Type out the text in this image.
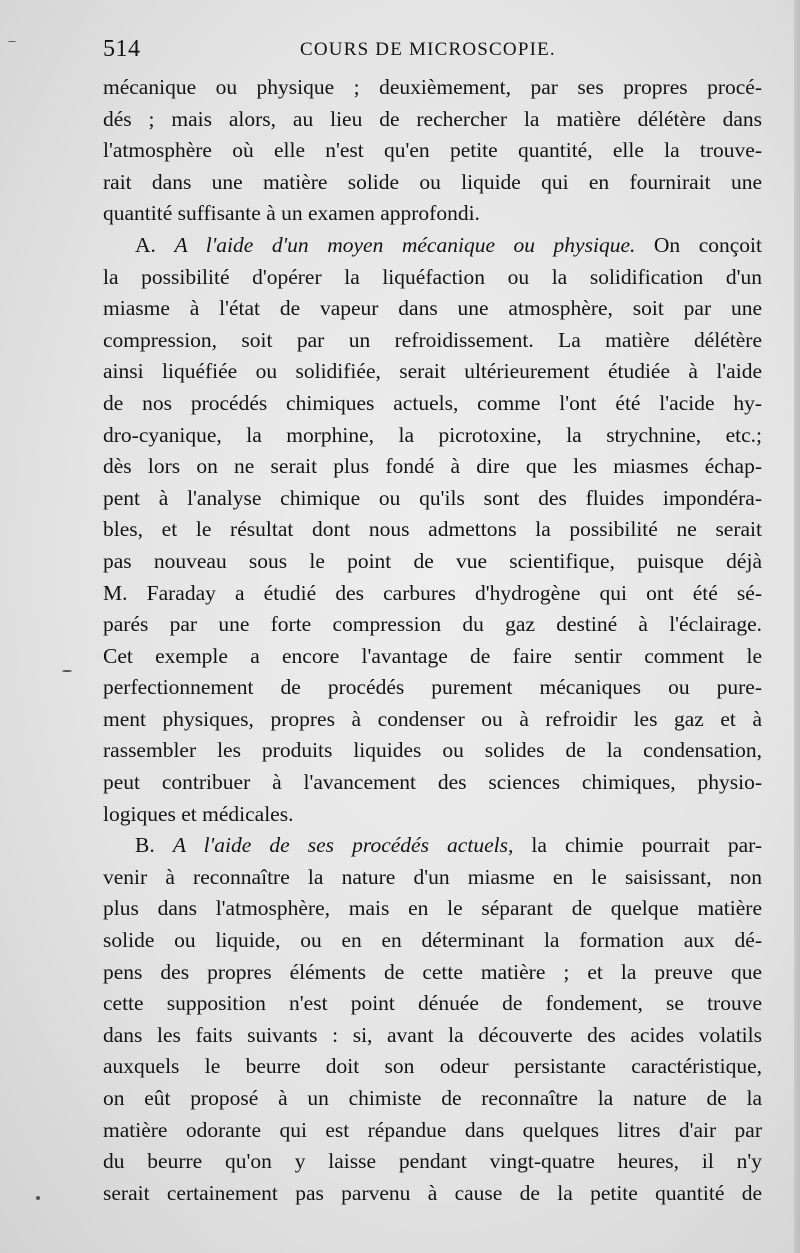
514	COURS DE MICROSCOPIE.
mécanique ou physique ; deuxièmement, par ses propres procé-
dés ; mais alors, au lieu de rechercher la matière délétère dans
l'atmosphère où elle n'est qu'en petite quantité, elle la trouve-
rait dans une matière solide ou liquide qui en fournirait une
quantité suffisante à un examen approfondi.
A. A l'aide d'un moyen mécanique ou physique. On conçoit
la possibilité d'opérer la liquéfaction ou la solidification d'un
miasme à l'état de vapeur dans une atmosphère, soit par une
compression, soit par un refroidissement. La matière délétère
ainsi liquéfiée ou solidifiée, serait ultérieurement étudiée à l'aide
de nos procédés chimiques actuels, comme l'ont été l'acide hy-
dro-cyanique, la morphine, la picrotoxine, la strychnine, etc.;
dès lors on ne serait plus fondé à dire que les miasmes échap-
pent à l'analyse chimique ou qu'ils sont des fluides impondéra-
bles, et le résultat dont nous admettons la possibilité ne serait
pas nouveau sous le point de vue scientifique, puisque déjà
M. Faraday a étudié des carbures d'hydrogène qui ont été sé-
parés par une forte compression du gaz destiné à l'éclairage.
Cet exemple a encore l'avantage de faire sentir comment le
perfectionnement de procédés purement mécaniques ou pure-
ment physiques, propres à condenser ou à refroidir les gaz et à
rassembler les produits liquides ou solides de la condensation,
peut contribuer à l'avancement des sciences chimiques, physio-
logiques et médicales.
B. A l'aide de ses procédés actuels, la chimie pourrait par-
venir à reconnaître la nature d'un miasme en le saisissant, non
plus dans l'atmosphère, mais en le séparant de quelque matière
solide ou liquide, ou en en déterminant la formation aux dé-
pens des propres éléments de cette matière ; et la preuve que
cette supposition n'est point dénuée de fondement, se trouve
dans les faits suivants : si, avant la découverte des acides volatils
auxquels le beurre doit son odeur persistante caractéristique,
on eût proposé à un chimiste de reconnaître la nature de la
matière odorante qui est répandue dans quelques litres d'air par
du beurre qu'on y laisse pendant vingt-quatre heures, il n'y
serait certainement pas parvenu à cause de la petite quantité de
